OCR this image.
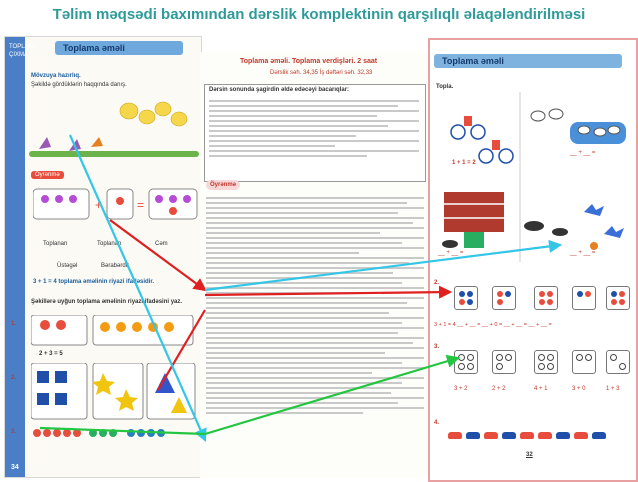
Təlim məqsədi baxımından dərslik komplektinin qarşılıqlı əlaqələndirilməsi
TOPLAMA ÇIXMA
Toplama əməli
Mövzuya hazırlıq.
Şəkildə gördüklərin haqqında danış.
Öyrənmə
+	=
Toplanan	Toplanan	Cəm
Üstəgəl	Bərabərdir
3 + 1 = 4 toplama əməlinin riyazi ifadəsidir.
Şəkillərə uyğun toplama əməlinin riyazi ifadəsini yaz.
1.
2 + 3 = 5
2.
3.
34
Toplama əməli. Toplama verdişləri. 2 saat
Dərslik səh. 34,35 İş dəftəri səh. 32,33
Dərsin sonunda şagirdin əldə edəcəyi bacarıqlar:
Öyrənmə
Toplama əməli
Topla.
1 + 1 = 2
__ + __ =
__ + __ =	__ + __ =
2.
3 + 1 = 4 __ + __ = __ + 0 = __ + __ = __ + __ =
3.
3 + 2	2 + 2	4 + 1	3 + 0	1 + 3
4.
32
